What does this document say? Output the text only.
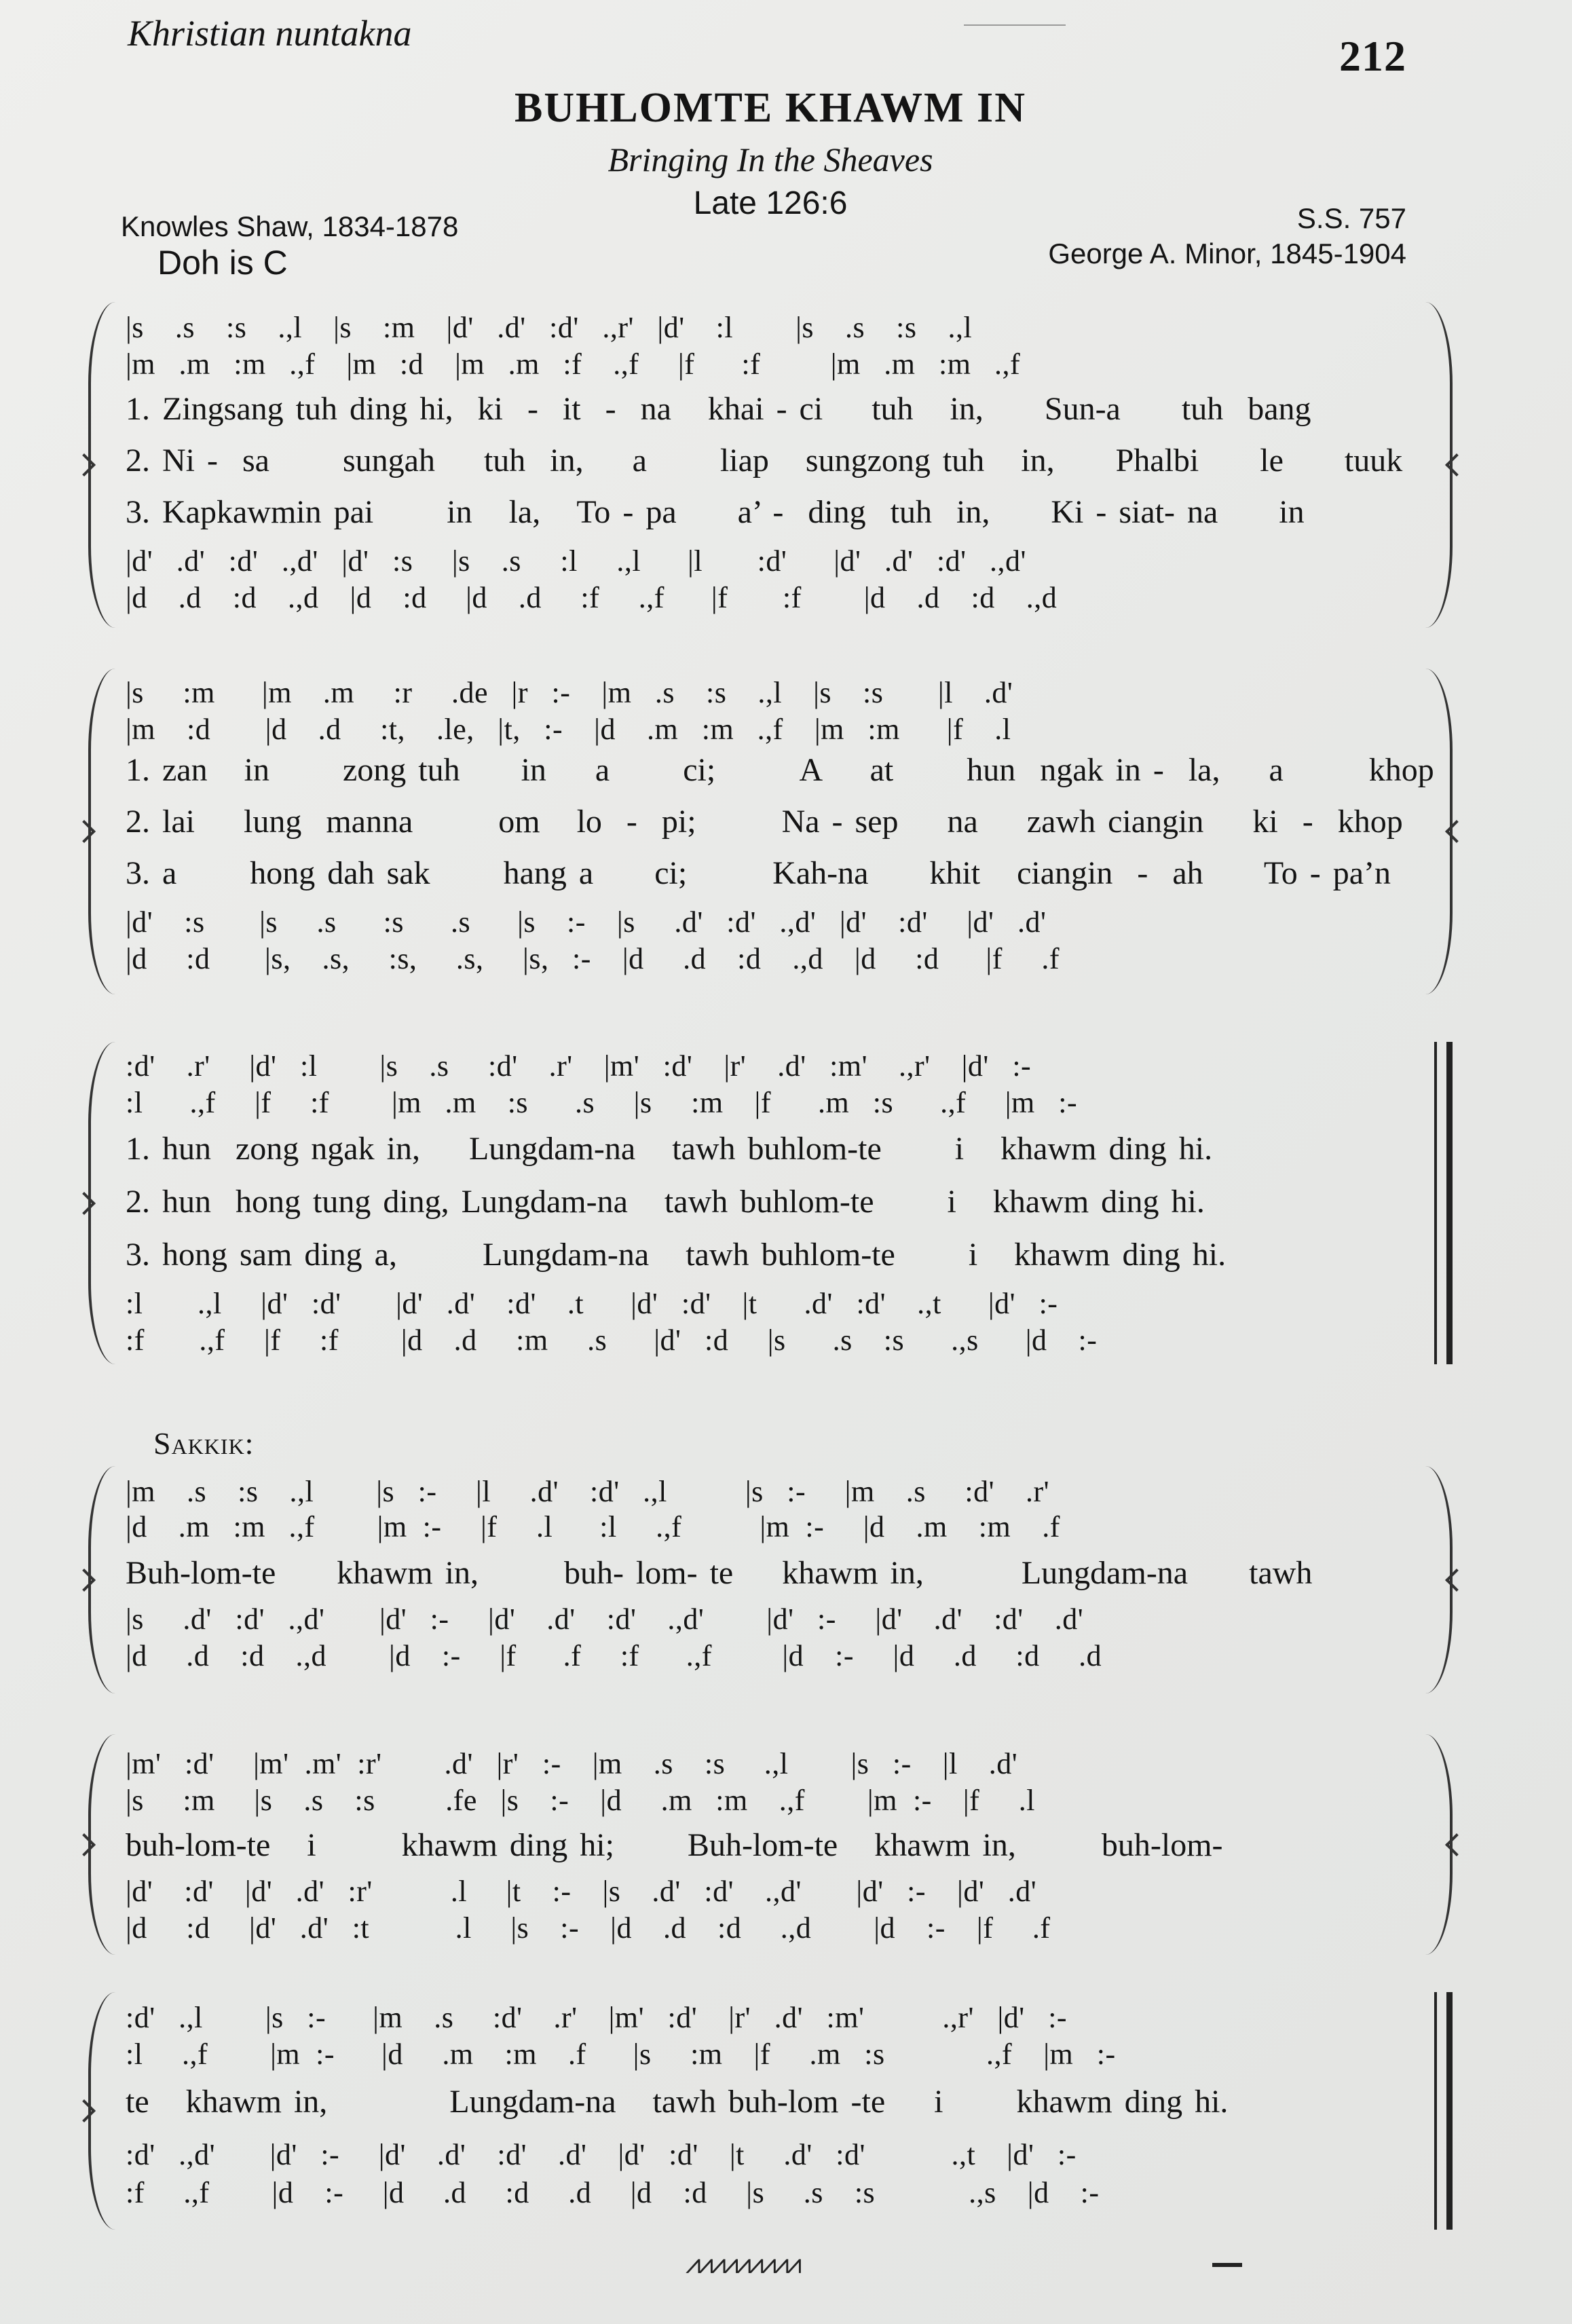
Khristian nuntakna	212
BUHLOMTE KHAWM IN
Bringing In the Sheaves
Late 126:6
Knowles Shaw, 1834-1878
Doh is C
S.S. 757
George A. Minor, 1845-1904
|s    .s    :s    .,l    |s    :m    |d'   .d'   :d'   .,r'   |d'    :l        |s    .s    :s    .,l
|m   .m   :m   .,f    |m   :d    |m   .m   :f    .,f     |f      :f         |m   .m   :m   .,f
1. Zingsang tuh ding hi,  ki  -  it  -  na   khai - ci    tuh   in,     Sun-a     tuh  bang
2. Ni -  sa      sungah    tuh  in,    a      liap   sungzong tuh   in,     Phalbi     le     tuuk
3. Kapkawmin pai      in   la,   To - pa     a’ -  ding  tuh  in,     Ki - siat- na     in
|d'   .d'   :d'   .,d'   |d'   :s     |s    .s     :l     .,l      |l       :d'      |d'   .d'   :d'   .,d'
|d    .d    :d    .,d    |d    :d     |d    .d     :f     .,f      |f       :f        |d    .d    :d    .,d
|s     :m      |m    .m     :r     .de   |r   :-    |m   .s    :s    .,l    |s    :s       |l    .d'
|m    :d       |d    .d     :t,    .le,   |t,   :-    |d    .m   :m   .,f    |m   :m      |f    .l
1. zan   in      zong tuh     in    a      ci;       A    at      hun  ngak in -  la,    a       khop
2. lai    lung  manna       om   lo  -  pi;       Na - sep    na    zawh ciangin    ki  -  khop
3. a      hong dah sak      hang a     ci;       Kah-na     khit   ciangin  -  ah     To - pa’n
|d'    :s       |s     .s      :s      .s      |s    :-    |s     .d'   :d'   .,d'   |d'    :d'     |d'   .d'
|d     :d       |s,    .s,     :s,     .s,     |s,   :-    |d     .d    :d    .,d    |d     :d      |f     .f
:d'    .r'     |d'   :l        |s    .s     :d'    .r'    |m'   :d'    |r'    .d'   :m'    .,r'    |d'   :-
:l      .,f     |f     :f        |m   .m    :s      .s     |s     :m    |f      .m   :s      .,f     |m   :-
1. hun  zong ngak in,    Lungdam-na   tawh buhlom-te      i   khawm ding hi.
2. hun  hong tung ding, Lungdam-na   tawh buhlom-te      i   khawm ding hi.
3. hong sam ding a,       Lungdam-na   tawh buhlom-te      i   khawm ding hi.
:l       .,l     |d'   :d'       |d'   .d'    :d'    .t      |d'   :d'    |t      .d'   :d'    .,t      |d'   :-
:f       .,f     |f     :f        |d    .d     :m     .s      |d'   :d     |s      .s    :s      .,s      |d    :-
Sakkik:
|m    .s    :s    .,l        |s   :-     |l     .d'    :d'   .,l          |s   :-     |m    .s     :d'    .r'
|d    .m   :m   .,f        |m  :-     |f     .l      :l     .,f          |m  :-     |d    .m    :m    .f
Buh-lom-te     khawm in,       buh- lom- te    khawm in,        Lungdam-na     tawh
|s     .d'   :d'   .,d'       |d'   :-     |d'    .d'    :d'    .,d'        |d'   :-     |d'    .d'    :d'    .d'
|d     .d    :d    .,d        |d    :-     |f      .f     :f      .,f         |d    :-     |d     .d     :d     .d
|m'   :d'     |m'  .m'  :r'        .d'   |r'   :-    |m    .s    :s     .,l        |s   :-    |l    .d'
|s     :m     |s    .s    :s         .fe   |s    :-    |d     .m   :m    .,f        |m  :-    |f     .l
buh-lom-te   i       khawm ding hi;      Buh-lom-te   khawm in,       buh-lom-
|d'    :d'    |d'   .d'   :r'          .l     |t    :-    |s    .d'   :d'    .,d'       |d'   :-    |d'   .d'
|d     :d     |d'   .d'   :t           .l     |s    :-    |d    .d    :d     .,d        |d    :-    |f     .f
:d'   .,l        |s   :-      |m    .s     :d'    .r'    |m'   :d'    |r'   .d'   :m'          .,r'   |d'   :-
:l     .,f        |m  :-      |d     .m    :m    .f      |s     :m    |f     .m   :s             .,f    |m   :-
te   khawm in,          Lungdam-na   tawh buh-lom -te    i      khawm ding hi.
:d'   .,d'       |d'   :-     |d'    .d'    :d'    .d'    |d'   :d'    |t     .d'   :d'           .,t    |d'   :-
:f     .,f        |d    :-     |d     .d     :d     .d     |d    :d     |s     .s    :s            .,s    |d    :-
⩘⩘⩘⩘⩘⩘⩘⩘⩘
